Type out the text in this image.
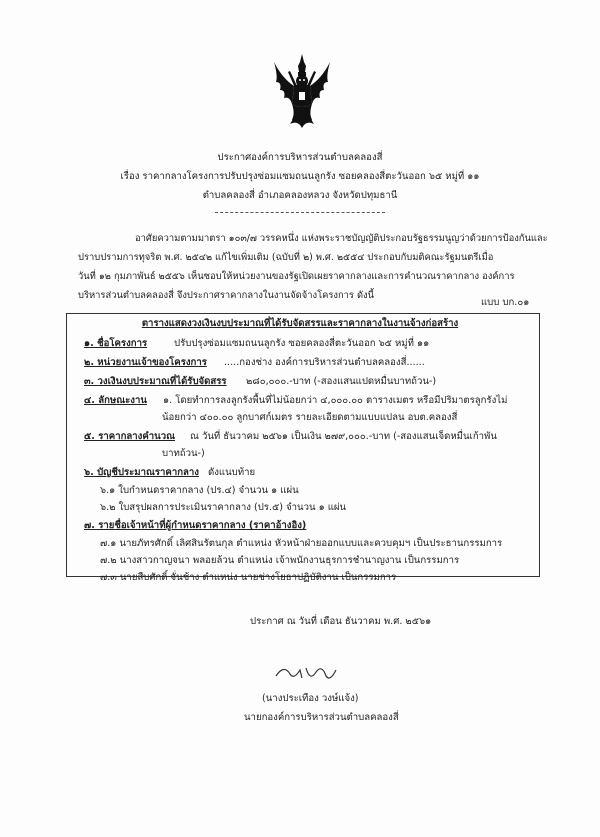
ประกาศองค์การบริหารส่วนตำบลคลองสี่
เรื่อง ราคากลางโครงการปรับปรุงซ่อมแซมถนนลูกรัง ซอยคลองสี่ตะวันออก ๖๕ หมู่ที่ ๑๑
ตำบลคลองสี่ อำเภอคลองหลวง จังหวัดปทุมธานี
อาศัยความตามมาตรา ๑๐๓/๗ วรรคหนึ่ง แห่งพระราชบัญญัติประกอบรัฐธรรมนูญว่าด้วยการป้องกันและ
ปราบปรามการทุจริต พ.ศ. ๒๕๔๒ แก้ไขเพิ่มเติม (ฉบับที่ ๒) พ.ศ. ๒๕๕๔ ประกอบกับมติคณะรัฐมนตรีเมื่อ
วันที่ ๑๒ กุมภาพันธ์ ๒๕๕๖ เห็นชอบให้หน่วยงานของรัฐเปิดเผยราคากลางและการคำนวณราคากลาง องค์การ
บริหารส่วนตำบลคลองสี่ จึงประกาศราคากลางในงานจัดจ้างโครงการ ดังนี้
แบบ บก.๐๑
ตารางแสดงวงเงินงบประมาณที่ได้รับจัดสรรและราคากลางในงานจ้างก่อสร้าง
๑. ชื่อโครงการ	ปรับปรุงซ่อมแซมถนนลูกรัง ซอยคลองสี่ตะวันออก ๖๕ หมู่ที่ ๑๑
๒. หน่วยงานเจ้าของโครงการ .....กองช่าง องค์การบริหารส่วนตำบลคลองสี่......
๓. วงเงินงบประมาณที่ได้รับจัดสรร ๒๘๐,๐๐๐.-บาท (-สองแสนแปดหมื่นบาทถ้วน-)
๔. ลักษณะงาน ๑. โดยทำการลงลูกรังพื้นที่ไม่น้อยกว่า ๔,๐๐๐.๐๐ ตารางเมตร หรือมีปริมาตรลูกรังไม่
น้อยกว่า ๔๐๐.๐๐ ลูกบาศก์เมตร รายละเอียดตามแบบแปลน อบต.คลองสี่
๕. ราคากลางคำนวณ ณ วันที่ ธันวาคม ๒๕๖๑ เป็นเงิน ๒๗๙,๐๐๐.-บาท (-สองแสนเจ็ดหมื่นเก้าพัน
บาทถ้วน-)
๖. บัญชีประมาณราคากลาง ดังแนบท้าย
๖.๑ ใบกำหนดราคากลาง (ปร.๔) จำนวน ๑ แผ่น
๖.๒ ใบสรุปผลการประเมินราคากลาง (ปร.๕) จำนวน ๑ แผ่น
๗. รายชื่อเจ้าหน้าที่ผู้กำหนดราคากลาง (ราคาอ้างอิง)
๗.๑ นายภัทรศักดิ์ เลิศสินรัตนกุล ตำแหน่ง หัวหน้าฝ่ายออกแบบและควบคุมฯ เป็นประธานกรรมการ
๗.๒ นางสาวกาญจนา พลอยล้วน ตำแหน่ง เจ้าพนักงานธุรการชำนาญงาน เป็นกรรมการ
๗.๓ นายสืบศักดิ์ จั่นช้าง ตำแหน่ง นายช่างโยธาปฏิบัติงาน เป็นกรรมการ
ประกาศ ณ วันที่ เดือน ธันวาคม พ.ศ. ๒๕๖๑
(นางประเทือง วงษ์แจ้ง)
นายกองค์การบริหารส่วนตำบลคลองสี่
